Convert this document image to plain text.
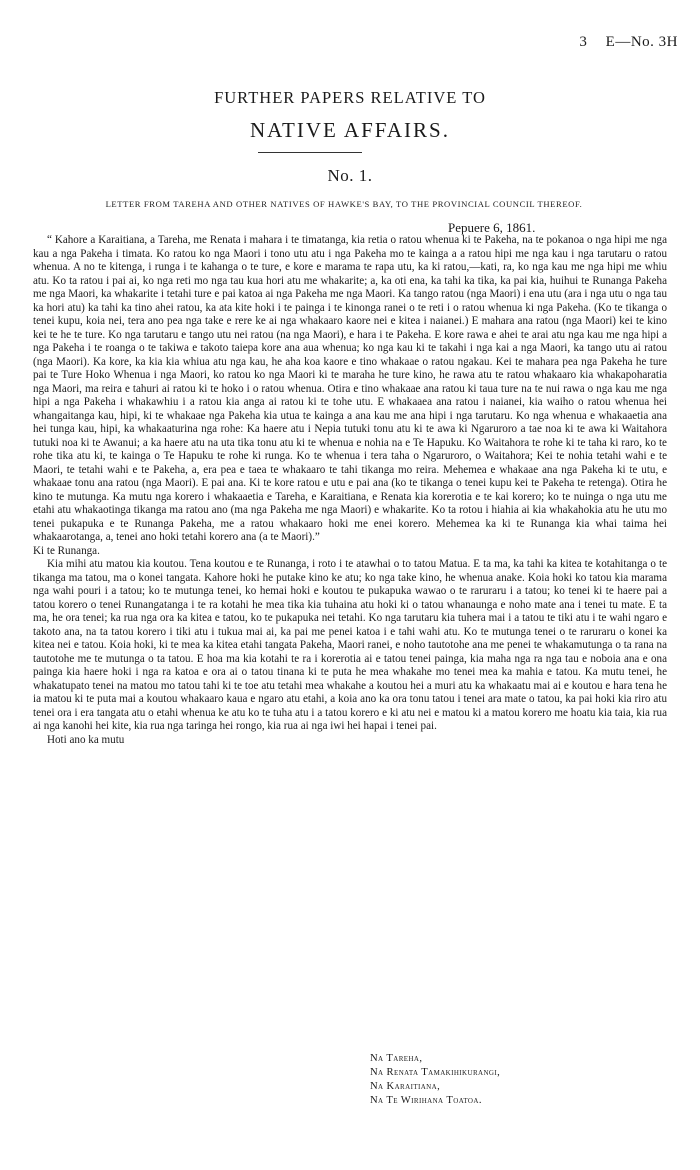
3 E—No. 3H
FURTHER PAPERS RELATIVE TO
NATIVE AFFAIRS.
No. 1.
LETTER FROM TAREHA AND OTHER NATIVES OF HAWKE'S BAY, TO THE PROVINCIAL COUNCIL THEREOF.
Pepuere 6, 1861.

“ Kahore a Karaitiana, a Tareha, me Renata i mahara i te timatanga, kia retia o ratou whenua ki te Pakeha, na te pokanoa o nga hipi me nga kau a nga Pakeha i timata. Ko ratou ko nga Maori i tono utu atu i nga Pakeha mo te kainga a a ratou hipi me nga kau i nga tarutaru o ratou whenua. A no te kitenga, i runga i te kahanga o te ture, e kore e marama te rapa utu, ka ki ratou,—kati, ra, ko nga kau me nga hipi me whiu atu. Ko ta ratou i pai ai, ko nga reti mo nga tau kua hori atu me whakarite; a, ka oti ena, ka tahi ka tika, ka pai kia, huihui te Runanga Pakeha me nga Maori, ka whakarite i tetahi ture e pai katoa ai nga Pakeha me nga Maori. Ka tango ratou (nga Maori) i ena utu (ara i nga utu o nga tau ka hori atu) ka tahi ka tino ahei ratou, ka ata kite hoki i te painga i te kinonga ranei o te reti i o ratou whenua ki nga Pakeha. (Ko te tikanga o tenei kupu, koia nei, tera ano pea nga take e rere ke ai nga whakaaro kaore nei e kitea i naianei.) E mahara ana ratou (nga Maori) kei te kino kei te he te ture. Ko nga tarutaru e tango utu nei ratou (na nga Maori), e hara i te Pakeha. E kore rawa e ahei te arai atu nga kau me nga hipi a nga Pakeha i te roanga o te takiwa e takoto taiepa kore ana aua whenua; ko nga kau ki te takahi i nga kai a nga Maori, ka tango utu ai ratou (nga Maori). Ka kore, ka kia kia whiua atu nga kau, he aha koa kaore e tino whakaae o ratou ngakau. Kei te mahara pea nga Pakeha he ture pai te Ture Hoko Whenua i nga Maori, ko ratou ko nga Maori ki te maraha he ture kino, he rawa atu te ratou whakaaro kia whakapoharatia nga Maori, ma reira e tahuri ai ratou ki te hoko i o ratou whenua. Otira e tino whakaae ana ratou ki taua ture na te nui rawa o nga kau me nga hipi a nga Pakeha i whakawhiu i a ratou kia anga ai ratou ki te tohe utu. E whakaaea ana ratou i naianei, kia waiho o ratou whenua hei whangaitanga kau, hipi, ki te whakaae nga Pakeha kia utua te kainga a ana kau me ana hipi i nga tarutaru. Ko nga whenua e whakaaetia ana hei tunga kau, hipi, ka whakaaturina nga rohe: Ka haere atu i Nepia tutuki tonu atu ki te awa ki Ngaruroro a tae noa ki te awa ki Waitahora tutuki noa ki te Awanui; a ka haere atu na uta tika tonu atu ki te whenua e nohia na e Te Hapuku. Ko Waitahora te rohe ki te taha ki raro, ko te rohe tika atu ki, te kainga o Te Hapuku te rohe ki runga. Ko te whenua i tera taha o Ngaruroro, o Waitahora; Kei te nohia tetahi wahi e te Maori, te tetahi wahi e te Pakeha, a, era pea e taea te whakaaro te tahi tikanga mo reira. Mehemea e whakaae ana nga Pakeha ki te utu, e whakaae tonu ana ratou (nga Maori). E pai ana. Ki te kore ratou e utu e pai ana (ko te tikanga o tenei kupu kei te Pakeha te retenga). Otira he kino te mutunga. Ka mutu nga korero i whakaaetia e Tareha, e Karaitiana, e Renata kia korerotia e te kai korero; ko te nuinga o nga utu me etahi atu whakaotinga tikanga ma ratou ano (ma nga Pakeha me nga Maori) e whakarite. Ko ta rotou i hiahia ai kia whakahokia atu he utu mo tenei pukapuka e te Runanga Pakeha, me a ratou whakaaro hoki me enei korero. Mehemea ka ki te Runanga kia whai taima hei whakaarotanga, a, tenei ano hoki tetahi korero ana (a te Maori).”

Ki te Runanga.

Kia mihi atu matou kia koutou. Tena koutou e te Runanga, i roto i te atawhai o to tatou Matua. E ta ma, ka tahi ka kitea te kotahitanga o te tikanga ma tatou, ma o konei tangata. Kahore hoki he putake kino ke atu; ko nga take kino, he whenua anake. Koia hoki ko tatou kia marama nga wahi pouri i a tatou; ko te mutunga tenei, ko hemai hoki e koutou te pukapuka wawao o te raruraru i a tatou; ko tenei ki te haere pai a tatou korero o tenei Runangatanga i te ra kotahi he mea tika kia tuhaina atu hoki ki o tatou whanaunga e noho mate ana i tenei tu mate. E ta ma, he ora tenei; ka rua nga ora ka kitea e tatou, ko te pukapuka nei tetahi. Ko nga tarutaru kia tuhera mai i a tatou te tiki atu i te wahi ngaro e takoto ana, na ta tatou korero i tiki atu i tukua mai ai, ka pai me penei katoa i e tahi wahi atu. Ko te mutunga tenei o te raruraru o konei ka kitea nei e tatou. Koia hoki, ki te mea ka kitea etahi tangata Pakeha, Maori ranei, e noho tautotohe ana me penei te whakamutunga o ta rana na tautotohe me te mutunga o ta tatou. E hoa ma kia kotahi te ra i korerotia ai e tatou tenei painga, kia maha nga ra nga tau e noboia ana e ona painga kia haere hoki i nga ra katoa e ora ai o tatou tinana ki te puta he mea whakahe mo tenei mea ka mahia e tatou. Ka mutu tenei, he whakatupato tenei na matou mo tatou tahi ki te toe atu tetahi mea whakahe a koutou hei a muri atu ka whakaatu mai ai e koutou e hara tena he ia matou ki te puta mai a koutou whakaaro kaua e ngaro atu etahi, a koia ano ka ora tonu tatou i tenei ara mate o tatou, ka pai hoki kia riro atu tenei ora i era tangata atu o etahi whenua ke atu ko te tuha atu i a tatou korero e ki atu nei e matou ki a matou korero me hoatu kia taia, kia rua ai nga kanohi hei kite, kia rua nga taringa hei rongo, kia rua ai nga iwi hei hapai i tenei pai.

Hoti ano ka mutu

Na Tareha,
Na Renata Tamakihikurangi,
Na Karaitiana,
Na Te Wirihana Toatoa.
